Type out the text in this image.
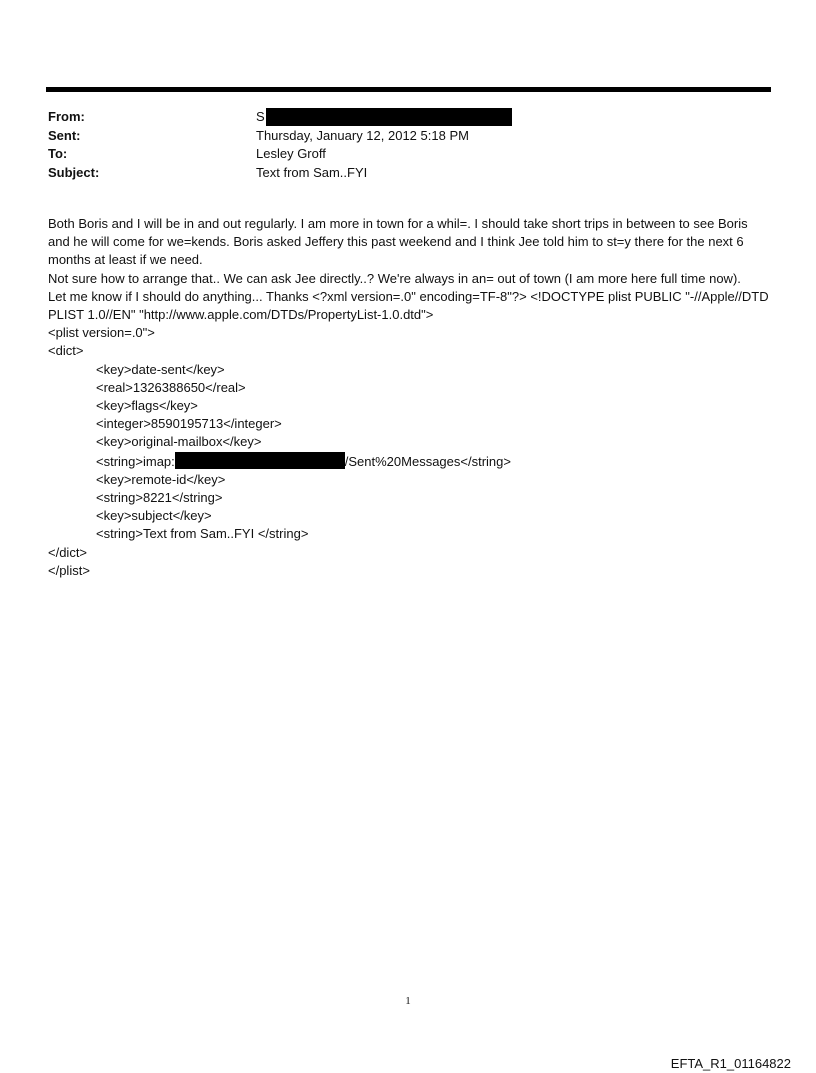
From:	S
Sent:	Thursday, January 12, 2012 5:18 PM
To:	Lesley Groff
Subject:	Text from Sam..FYI

Both Boris and I will be in and out regularly. I am more in town for a whil=. I should take short trips in between to see Boris and he will come for we=kends. Boris asked Jeffery this past weekend and I think Jee told him to st=y there for the next 6 months at least if we need.

Not sure how to arrange that.. We can ask Jee directly..? We're always in an= out of town (I am more here full time now).

Let me know if I should do anything... Thanks <?xml version=.0" encoding=TF-8"?> <!DOCTYPE plist PUBLIC "-//Apple//DTD PLIST 1.0//EN" "http://www.apple.com/DTDs/PropertyList-1.0.dtd">

<plist version=.0">

<dict>

<key>date-sent</key>

<real>1326388650</real>

<key>flags</key>

<integer>8590195713</integer>

<key>original-mailbox</key>

<string>imap:	/Sent%20Messages</string>

<key>remote-id</key>

<string>8221</string>

<key>subject</key>

<string>Text from Sam..FYI </string>

</dict>

</plist>

1
EFTA_R1_01164822
